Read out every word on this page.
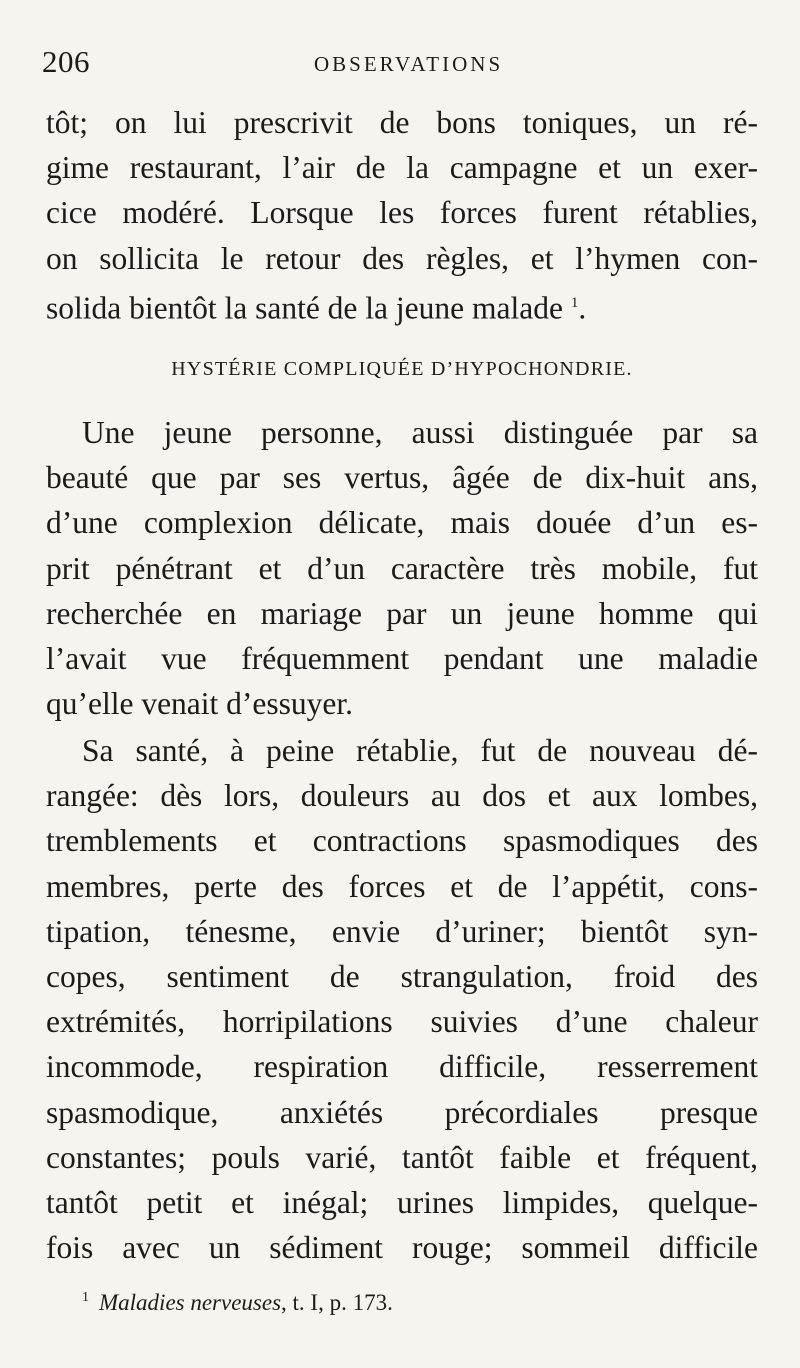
206	OBSERVATIONS
tôt; on lui prescrivit de bons toniques, un ré-
gime restaurant, l’air de la campagne et un exer-
cice modéré. Lorsque les forces furent rétablies,
on sollicita le retour des règles, et l’hymen con-
solida bientôt la santé de la jeune malade $^1$.
HYSTÉRIE COMPLIQUÉE D’HYPOCHONDRIE.
Une jeune personne, aussi distinguée par sa
beauté que par ses vertus, âgée de dix-huit ans,
d’une complexion délicate, mais douée d’un es-
prit pénétrant et d’un caractère très mobile, fut
recherchée en mariage par un jeune homme qui
l’avait vue fréquemment pendant une maladie
qu’elle venait d’essuyer.
Sa santé, à peine rétablie, fut de nouveau dé-
rangée: dès lors, douleurs au dos et aux lombes,
tremblements et contractions spasmodiques des
membres, perte des forces et de l’appétit, cons-
tipation, ténesme, envie d’uriner; bientôt syn-
copes, sentiment de strangulation, froid des
extrémités, horripilations suivies d’une chaleur
incommode, respiration difficile, resserrement
spasmodique, anxiétés précordiales presque
constantes; pouls varié, tantôt faible et fréquent,
tantôt petit et inégal; urines limpides, quelque-
fois avec un sédiment rouge; sommeil difficile
$^1$ Maladies nerveuses, t. I, p. 173.
